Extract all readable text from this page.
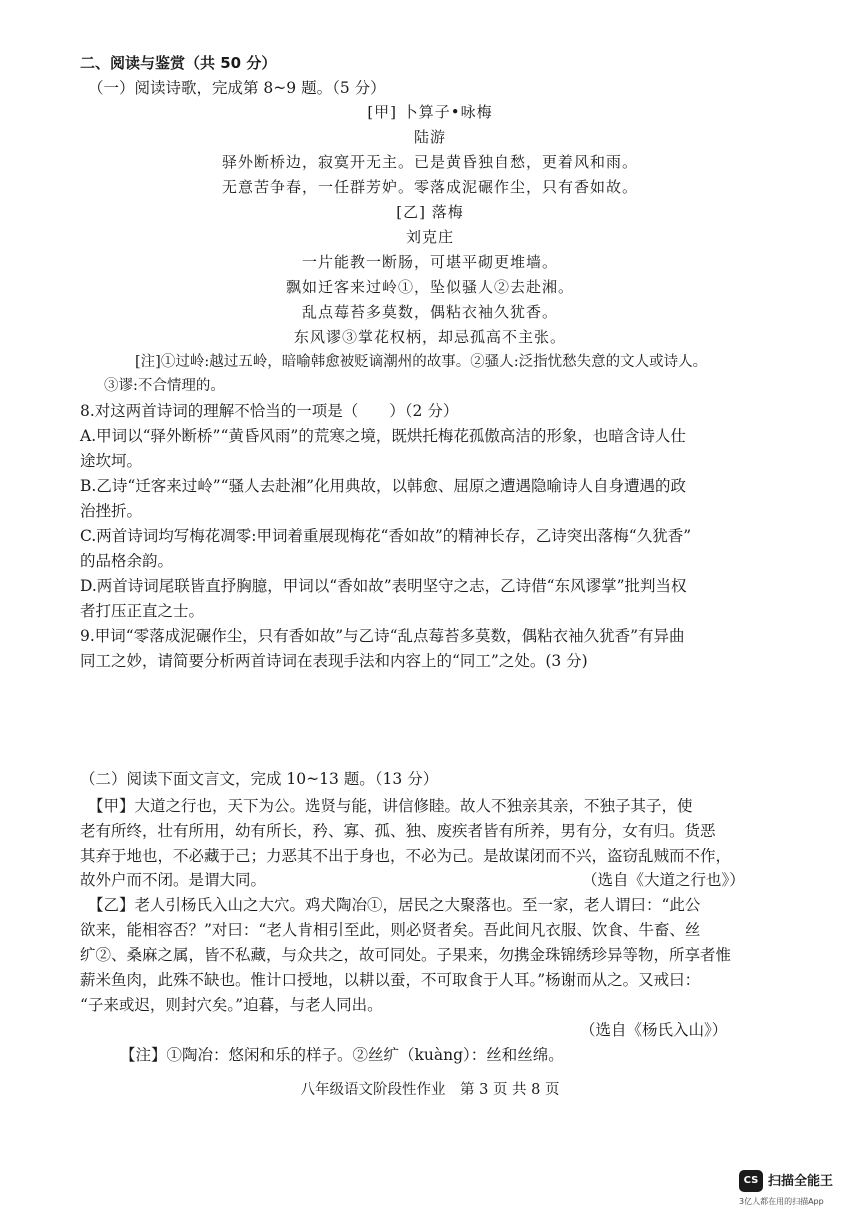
二、阅读与鉴赏（共 50 分）
（一）阅读诗歌，完成第 8~9 题。（5 分）
[甲] 卜算子•咏梅
陆游
驿外断桥边，寂寞开无主。已是黄昏独自愁，更着风和雨。
无意苦争春，一任群芳妒。零落成泥碾作尘，只有香如故。
[乙] 落梅
刘克庄
一片能教一断肠，可堪平砌更堆墙。
飘如迁客来过岭①，坠似骚人②去赴湘。
乱点莓苔多莫数，偶粘衣袖久犹香。
东风谬③掌花权柄，却忌孤高不主张。
[注]①过岭:越过五岭，暗喻韩愈被贬谪潮州的故事。②骚人:泛指忧愁失意的文人或诗人。
③谬:不合情理的。
8.对这两首诗词的理解不恰当的一项是（　　）（2 分）
A.甲词以“驿外断桥”“黄昏风雨”的荒寒之境，既烘托梅花孤傲高洁的形象，也暗含诗人仕
途坎坷。
B.乙诗“迁客来过岭”“骚人去赴湘”化用典故，以韩愈、屈原之遭遇隐喻诗人自身遭遇的政
治挫折。
C.两首诗词均写梅花凋零:甲词着重展现梅花“香如故”的精神长存，乙诗突出落梅“久犹香”
的品格余韵。
D.两首诗词尾联皆直抒胸臆，甲词以“香如故”表明坚守之志，乙诗借“东风谬掌”批判当权
者打压正直之士。
9.甲词“零落成泥碾作尘，只有香如故”与乙诗“乱点莓苔多莫数，偶粘衣袖久犹香”有异曲
同工之妙，请简要分析两首诗词在表现手法和内容上的“同工”之处。(3 分)
（二）阅读下面文言文，完成 10~13 题。（13 分）
【甲】大道之行也，天下为公。选贤与能，讲信修睦。故人不独亲其亲，不独子其子，使
老有所终，壮有所用，幼有所长，矜、寡、孤、独、废疾者皆有所养，男有分，女有归。货恶
其弃于地也，不必藏于己；力恶其不出于身也，不必为己。是故谋闭而不兴，盗窃乱贼而不作，
故外户而不闭。是谓大同。	（选自《大道之行也》）
【乙】老人引杨氏入山之大穴。鸡犬陶冶①，居民之大聚落也。至一家，老人谓曰：“此公
欲来，能相容否？”对曰：“老人肯相引至此，则必贤者矣。吾此间凡衣服、饮食、牛畜、丝
纩②、桑麻之属，皆不私藏，与众共之，故可同处。子果来，勿携金珠锦绣珍异等物，所享者惟
薪米鱼肉，此殊不缺也。惟计口授地，以耕以蚕，不可取食于人耳。”杨谢而从之。又戒曰：
“子来或迟，则封穴矣。”迫暮，与老人同出。
（选自《杨氏入山》）
【注】①陶冶：悠闲和乐的样子。②丝纩（kuàng）：丝和丝绵。
八年级语文阶段性作业　第 3 页 共 8 页
CS 扫描全能王
3亿人都在用的扫描App
